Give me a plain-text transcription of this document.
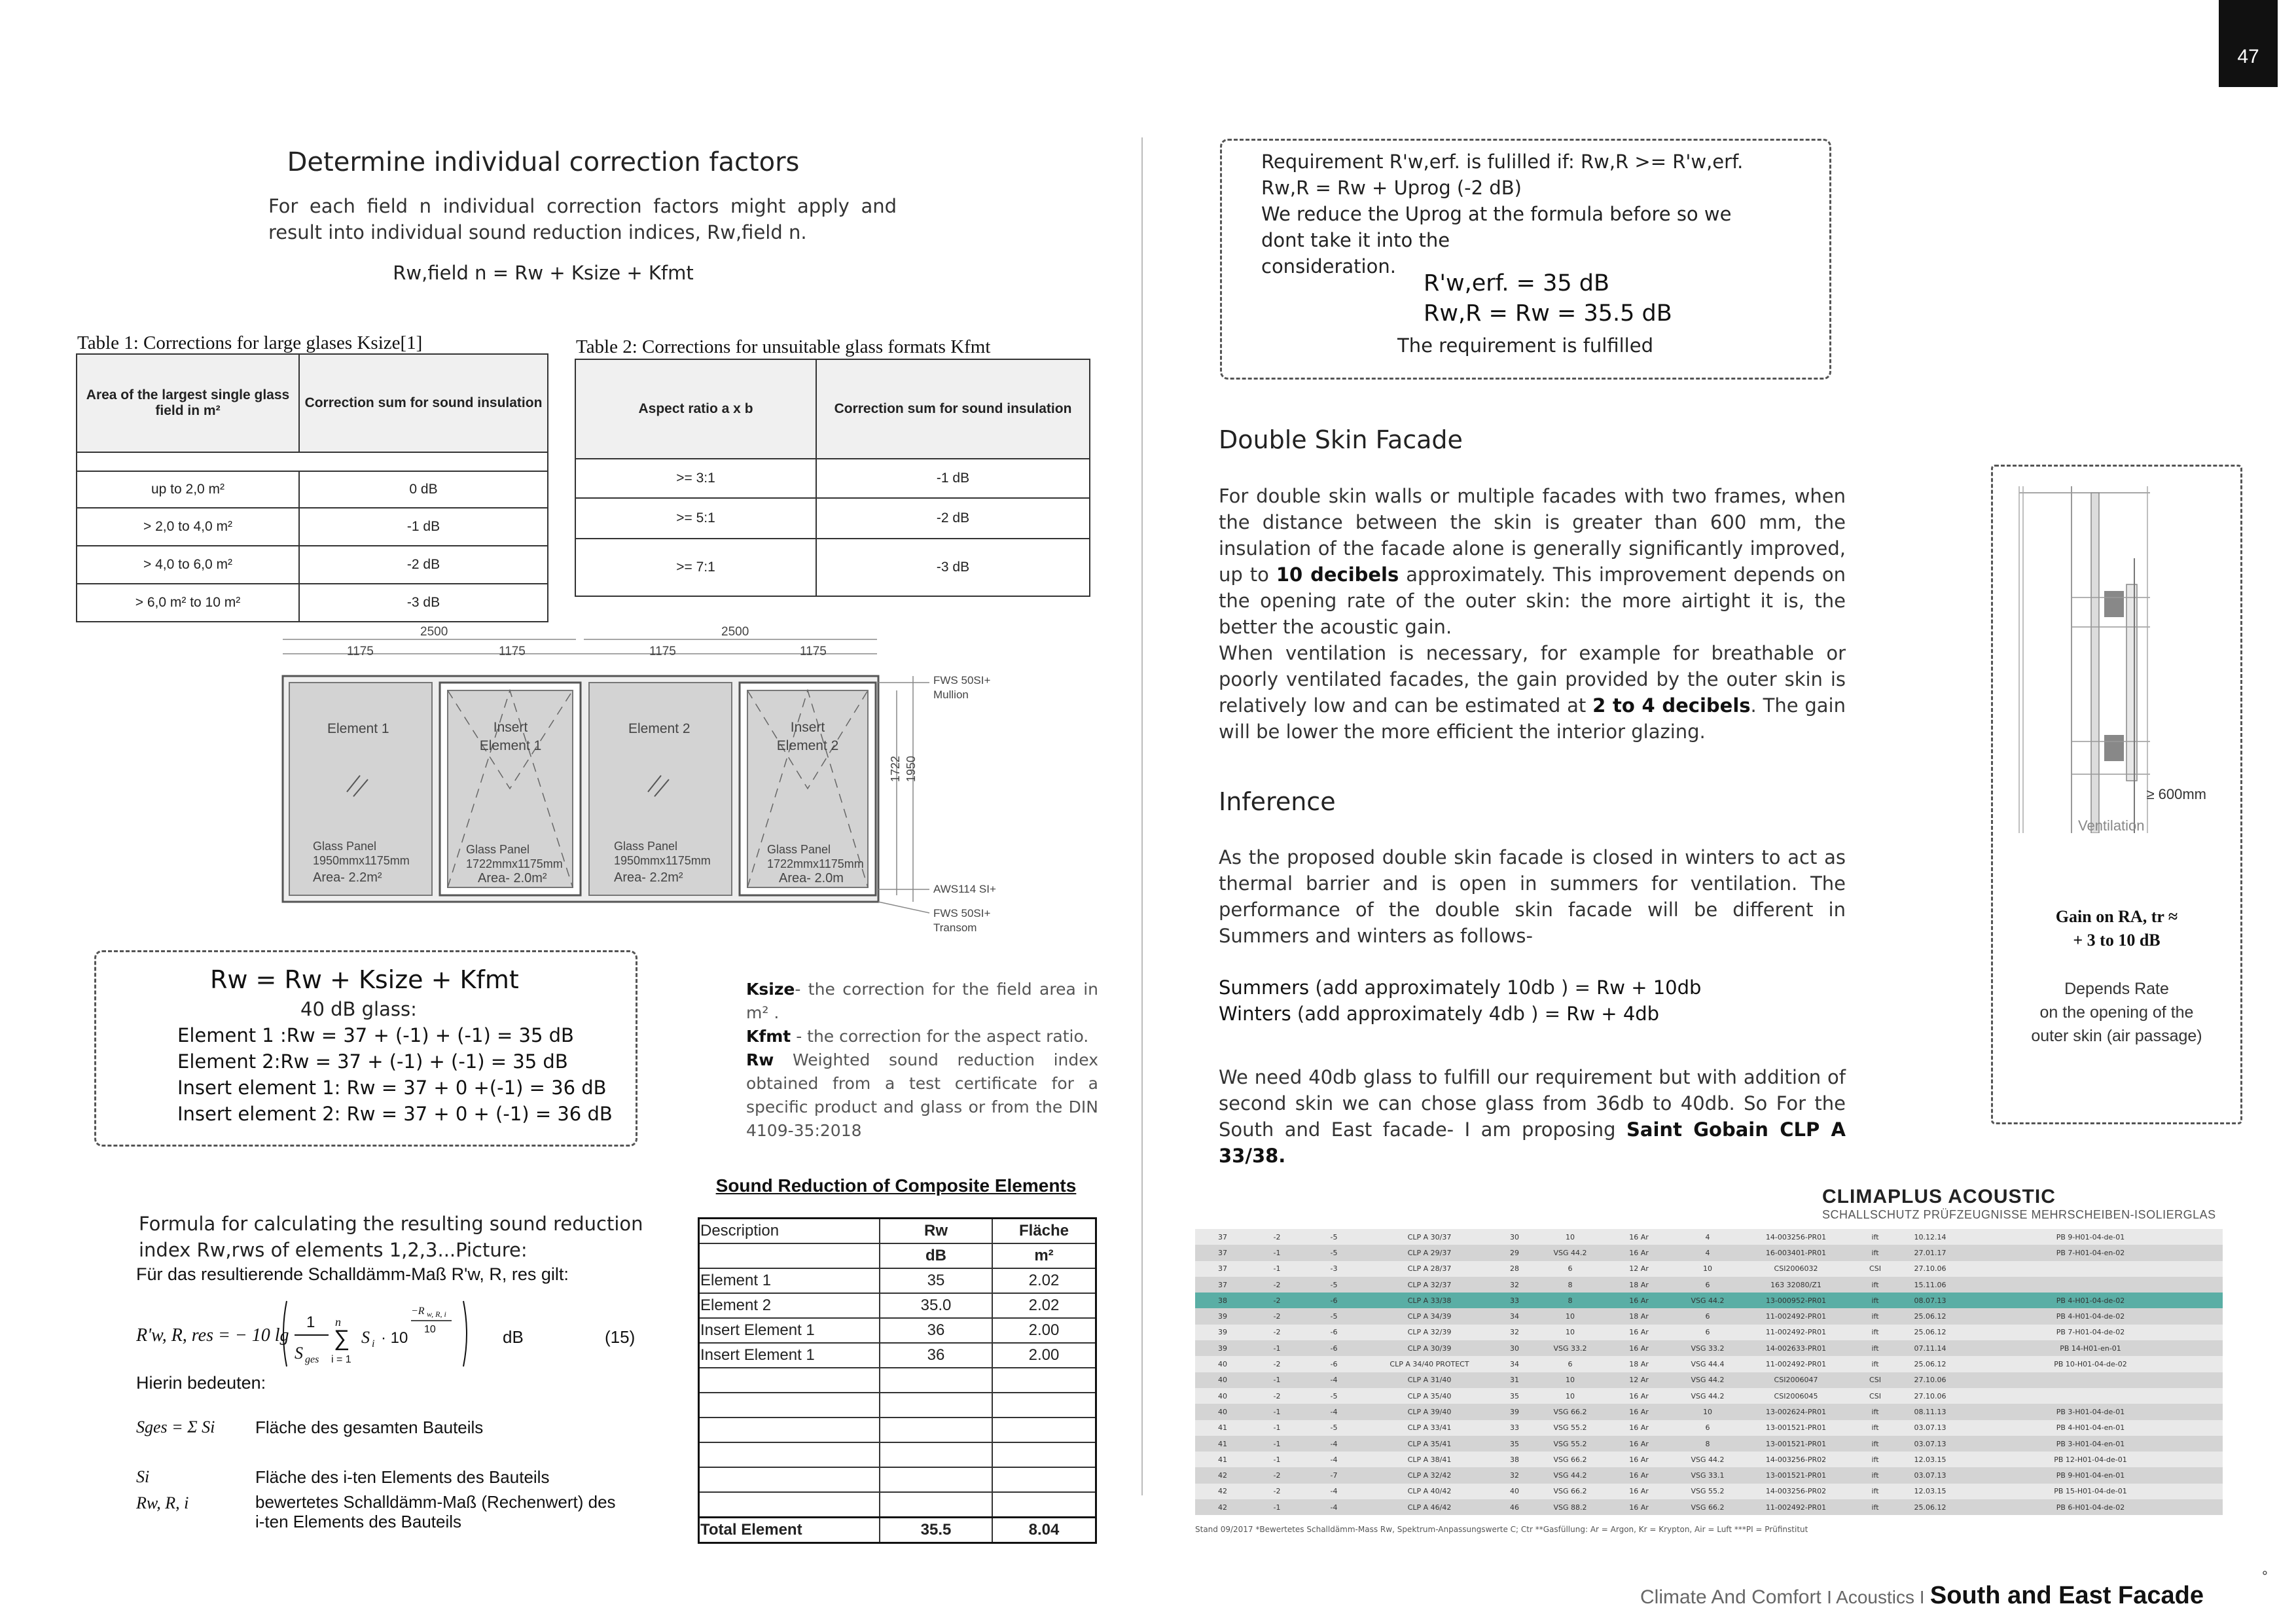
47
Determine individual correction factors
For each field n individual correction factors might apply and result into individual sound reduction indices, Rw,field n.
Rw,field n = Rw + Ksize + Kfmt
Table 1: Corrections for large glases Ksize[1]
Area of the largest single glass field in m²	Correction sum for sound insulation

up to 2,0 m²	0 dB
> 2,0 to 4,0 m²	-1 dB
> 4,0 to 6,0 m²	-2 dB
> 6,0 m² to 10 m²	-3 dB
Table 2: Corrections for unsuitable glass formats Kfmt
Aspect ratio a x b	Correction sum for sound insulation
>= 3:1	-1 dB
>= 5:1	-2 dB
>= 7:1	-3 dB
2500	2500
1175	1175	1175	1175
Element 1	Insert Element 1
Element 2	Insert Element 2
Glass Panel
1950mmx1175mm
Area- 2.2m²
Glass Panel
1722mmx1175mm
Area- 2.0m²
Glass Panel
1950mmx1175mm
Area- 2.2m²
Glass Panel
1722mmx1175mm
Area- 2.0m
1722 1950
FWS 50SI+ Mullion
AWS114 SI+
FWS 50SI+ Transom
Rw = Rw + Ksize + Kfmt
40 dB glass:
Element 1 :Rw = 37 + (-1) + (-1) = 35 dB
Element 2:Rw = 37 + (-1) + (-1) = 35 dB
Insert element 1: Rw = 37 + 0 +(-1) = 36 dB
Insert element 2: Rw = 37 + 0 + (-1) = 36 dB

Ksize- the correction for the field area in m² .

Kfmt - the correction for the aspect ratio.

Rw Weighted sound reduction index obtained from a test certificate for a specific product and glass or from the DIN 4109-35:2018

Formula for calculating the resulting sound reduction index Rw,rws of elements 1,2,3...Picture:
Für das resultierende Schalldämm-Maß R'w, R, res gilt:
R'w, R, res = − 10 lg
1
S ges
n
∑
i = 1
S i · 10
−R w, R, i
10	dB	(15)
Hierin bedeuten:
Sges = Σ Si Fläche des gesamten Bauteils
Si	Fläche des i-ten Elements des Bauteils
Rw, R, i	bewertetes Schalldämm-Maß (Rechenwert) des i-ten Elements des Bauteils
Sound Reduction of Composite Elements
Description	Rw	Fläche
	dB	m²
Element 1	35	2.02
Element 2	35.0	2.02
Insert Element 1	36	2.00
Insert Element 1	36	2.00

Total Element	35.5	8.04
Requirement R'w,erf. is fulilled if: Rw,R >= R'w,erf.
Rw,R = Rw + Uprog (-2 dB)
We reduce the Uprog at the formula before so we dont take it into the
consideration.
R'w,erf. = 35 dB
Rw,R = Rw = 35.5 dB
The requirement is fulfilled
Double Skin Facade
For double skin walls or multiple facades with two frames, when the distance between the skin is greater than 600 mm, the insulation of the facade alone is generally significantly improved, up to 10 decibels approximately. This improvement depends on the opening rate of the outer skin: the more airtight it is, the better the acoustic gain.
When ventilation is necessary, for example for breathable or poorly ventilated facades, the gain provided by the outer skin is relatively low and can be estimated at 2 to 4 decibels. The gain will be lower the more efficient the interior glazing.
Inference
As the proposed double skin facade is closed in winters to act as thermal barrier and is open in summers for ventilation. The performance of the double skin facade will be different in Summers and winters as follows-
Summers (add approximately 10db ) = Rw + 10db
Winters (add approximately 4db ) = Rw + 4db
We need 40db glass to fulfill our requirement but with addition of second skin we can chose glass from 36db to 40db. So For the South and East facade- I am proposing Saint Gobain CLP A 33/38.
≥ 600mm
Ventilation
Gain on RA, tr ≈
+ 3 to 10 dB
Depends Rate
on the opening of the
outer skin (air passage)
CLIMAPLUS ACOUSTIC
SCHALLSCHUTZ PRÜFZEUGNISSE MEHRSCHEIBEN-ISOLIERGLAS
37	-2	-5	CLP A 30/37	30	10	16 Ar	4	14-003256-PR01	ift	10.12.14	PB 9-H01-04-de-01
37	-1	-5	CLP A 29/37	29	VSG 44.2	16 Ar	4	16-003401-PR01	ift	27.01.17	PB 7-H01-04-en-02
37	-1	-3	CLP A 28/37	28	6	12 Ar	10	CSI2006032	CSI	27.10.06	
37	-2	-5	CLP A 32/37	32	8	18 Ar	6	163 32080/Z1	ift	15.11.06	
38	-2	-6	CLP A 33/38	33	8	16 Ar	VSG 44.2	13-000952-PR01	ift	08.07.13	PB 4-H01-04-de-02
39	-2	-5	CLP A 34/39	34	10	18 Ar	6	11-002492-PR01	ift	25.06.12	PB 4-H01-04-de-02
39	-2	-6	CLP A 32/39	32	10	16 Ar	6	11-002492-PR01	ift	25.06.12	PB 7-H01-04-de-02
39	-1	-6	CLP A 30/39	30	VSG 33.2	16 Ar	VSG 33.2	14-002633-PR01	ift	07.11.14	PB 14-H01-en-01
40	-2	-6	CLP A 34/40 PROTECT	34	6	18 Ar	VSG 44.4	11-002492-PR01	ift	25.06.12	PB 10-H01-04-de-02
40	-1	-4	CLP A 31/40	31	10	12 Ar	VSG 44.2	CSI2006047	CSI	27.10.06	
40	-2	-5	CLP A 35/40	35	10	16 Ar	VSG 44.2	CSI2006045	CSI	27.10.06	
40	-1	-4	CLP A 39/40	39	VSG 66.2	16 Ar	10	13-002624-PR01	ift	08.11.13	PB 3-H01-04-de-01
41	-1	-5	CLP A 33/41	33	VSG 55.2	16 Ar	6	13-001521-PR01	ift	03.07.13	PB 4-H01-04-en-01
41	-1	-4	CLP A 35/41	35	VSG 55.2	16 Ar	8	13-001521-PR01	ift	03.07.13	PB 3-H01-04-en-01
41	-1	-4	CLP A 38/41	38	VSG 66.2	16 Ar	VSG 44.2	14-003256-PR02	ift	12.03.15	PB 12-H01-04-de-01
42	-2	-7	CLP A 32/42	32	VSG 44.2	16 Ar	VSG 33.1	13-001521-PR01	ift	03.07.13	PB 9-H01-04-en-01
42	-2	-4	CLP A 40/42	40	VSG 66.2	16 Ar	VSG 55.2	14-003256-PR02	ift	12.03.15	PB 15-H01-04-de-01
42	-1	-4	CLP A 46/42	46	VSG 88.2	16 Ar	VSG 66.2	11-002492-PR01	ift	25.06.12	PB 6-H01-04-de-02
Stand 09/2017 *Bewertetes Schalldämm-Mass Rw, Spektrum-Anpassungswerte C; Ctr **Gasfüllung: Ar = Argon, Kr = Krypton, Air = Luft ***PI = Prüfinstitut
Climate And Comfort I Acoustics I South and East Facade
°
